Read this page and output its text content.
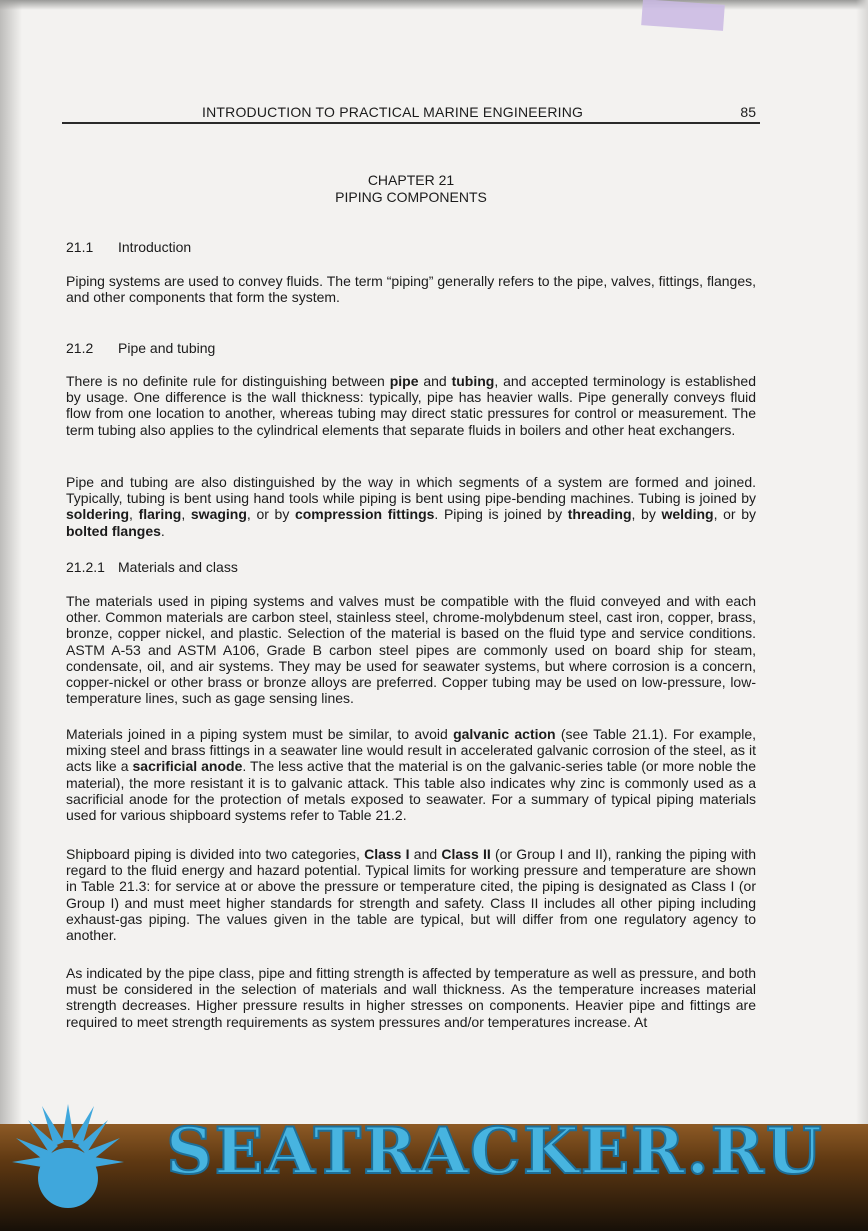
INTRODUCTION TO PRACTICAL MARINE ENGINEERING	85
CHAPTER 21
PIPING COMPONENTS
21.1 Introduction

Piping systems are used to convey fluids. The term “piping” generally refers to the pipe, valves, fittings, flanges, and other components that form the system.

21.2 Pipe and tubing

There is no definite rule for distinguishing between pipe and tubing, and accepted terminology is established by usage. One difference is the wall thickness: typically, pipe has heavier walls. Pipe generally conveys fluid flow from one location to another, whereas tubing may direct static pressures for control or measurement. The term tubing also applies to the cylindrical elements that separate fluids in boilers and other heat exchangers.

Pipe and tubing are also distinguished by the way in which segments of a system are formed and joined. Typically, tubing is bent using hand tools while piping is bent using pipe-bending machines. Tubing is joined by soldering, flaring, swaging, or by compression fittings. Piping is joined by threading, by welding, or by bolted flanges.

21.2.1 Materials and class

The materials used in piping systems and valves must be compatible with the fluid conveyed and with each other. Common materials are carbon steel, stainless steel, chrome-molybdenum steel, cast iron, copper, brass, bronze, copper nickel, and plastic. Selection of the material is based on the fluid type and service conditions. ASTM A-53 and ASTM A106, Grade B carbon steel pipes are commonly used on board ship for steam, condensate, oil, and air systems. They may be used for seawater systems, but where corrosion is a concern, copper-nickel or other brass or bronze alloys are preferred. Copper tubing may be used on low-pressure, low-temperature lines, such as gage sensing lines.

Materials joined in a piping system must be similar, to avoid galvanic action (see Table 21.1). For example, mixing steel and brass fittings in a seawater line would result in accelerated galvanic corrosion of the steel, as it acts like a sacrificial anode. The less active that the material is on the galvanic-series table (or more noble the material), the more resistant it is to galvanic attack. This table also indicates why zinc is commonly used as a sacrificial anode for the protection of metals exposed to seawater. For a summary of typical piping materials used for various shipboard systems refer to Table 21.2.

Shipboard piping is divided into two categories, Class I and Class II (or Group I and II), ranking the piping with regard to the fluid energy and hazard potential. Typical limits for working pressure and temperature are shown in Table 21.3: for service at or above the pressure or temperature cited, the piping is designated as Class I (or Group I) and must meet higher standards for strength and safety. Class II includes all other piping including exhaust-gas piping. The values given in the table are typical, but will differ from one regulatory agency to another.

As indicated by the pipe class, pipe and fitting strength is affected by temperature as well as pressure, and both must be considered in the selection of materials and wall thickness. As the temperature increases material strength decreases. Higher pressure results in higher stresses on components. Heavier pipe and fittings are required to meet strength requirements as system pressures and/or temperatures increase. At

SEATRACKER.RU
